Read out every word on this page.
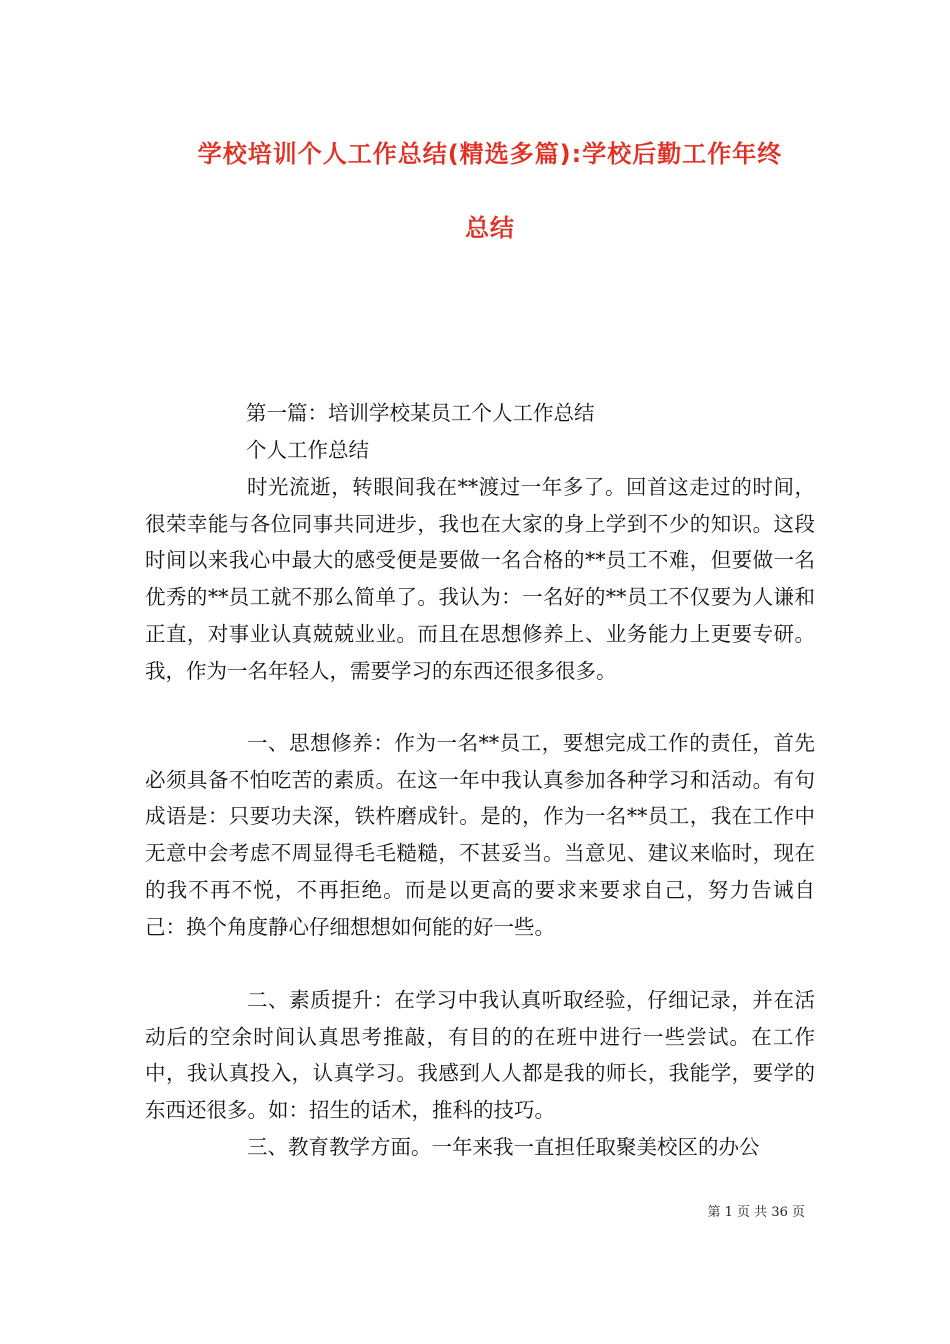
学校培训个人工作总结(精选多篇):学校后勤工作年终
总结
第一篇：培训学校某员工个人工作总结
个人工作总结

时光流逝，转眼间我在**渡过一年多了。回首这走过的时间，很荣幸能与各位同事共同进步，我也在大家的身上学到不少的知识。这段时间以来我心中最大的感受便是要做一名合格的**员工不难，但要做一名优秀的**员工就不那么简单了。我认为：一名好的**员工不仅要为人谦和正直，对事业认真兢兢业业。而且在思想修养上、业务能力上更要专研。我，作为一名年轻人，需要学习的东西还很多很多。

一、思想修养：作为一名**员工，要想完成工作的责任，首先必须具备不怕吃苦的素质。在这一年中我认真参加各种学习和活动。有句成语是：只要功夫深，铁杵磨成针。是的，作为一名**员工，我在工作中无意中会考虑不周显得毛毛糙糙，不甚妥当。当意见、建议来临时，现在的我不再不悦，不再拒绝。而是以更高的要求来要求自己，努力告诫自己：换个角度静心仔细想想如何能的好一些。

二、素质提升：在学习中我认真听取经验，仔细记录，并在活动后的空余时间认真思考推敲，有目的的在班中进行一些尝试。在工作中，我认真投入，认真学习。我感到人人都是我的师长，我能学，要学的东西还很多。如：招生的话术，推科的技巧。

三、教育教学方面。一年来我一直担任取聚美校区的办公

第 1 页 共 36 页
